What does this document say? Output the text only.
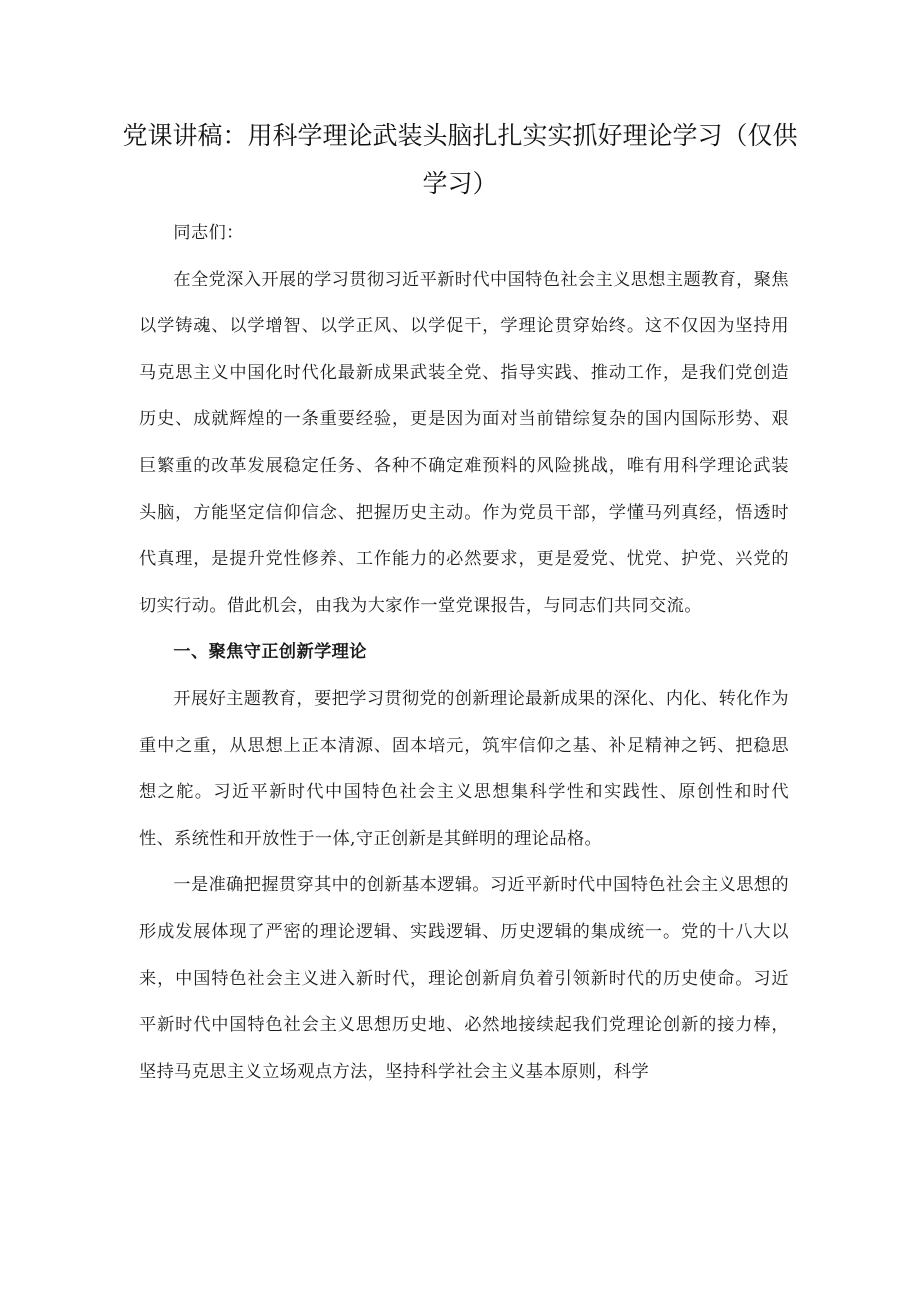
党课讲稿：用科学理论武装头脑扎扎实实抓好理论学习（仅供学习）

同志们：

在全党深入开展的学习贯彻习近平新时代中国特色社会主义思想主题教育，聚焦以学铸魂、以学增智、以学正风、以学促干，学理论贯穿始终。这不仅因为坚持用马克思主义中国化时代化最新成果武装全党、指导实践、推动工作，是我们党创造历史、成就辉煌的一条重要经验，更是因为面对当前错综复杂的国内国际形势、艰巨繁重的改革发展稳定任务、各种不确定难预料的风险挑战，唯有用科学理论武装头脑，方能坚定信仰信念、把握历史主动。作为党员干部，学懂马列真经，悟透时代真理，是提升党性修养、工作能力的必然要求，更是爱党、忧党、护党、兴党的切实行动。借此机会，由我为大家作一堂党课报告，与同志们共同交流。

一、聚焦守正创新学理论

开展好主题教育，要把学习贯彻党的创新理论最新成果的深化、内化、转化作为重中之重，从思想上正本清源、固本培元，筑牢信仰之基、补足精神之钙、把稳思想之舵。习近平新时代中国特色社会主义思想集科学性和实践性、原创性和时代性、系统性和开放性于一体,守正创新是其鲜明的理论品格。

一是准确把握贯穿其中的创新基本逻辑。习近平新时代中国特色社会主义思想的形成发展体现了严密的理论逻辑、实践逻辑、历史逻辑的集成统一。党的十八大以来，中国特色社会主义进入新时代，理论创新肩负着引领新时代的历史使命。习近平新时代中国特色社会主义思想历史地、必然地接续起我们党理论创新的接力棒，坚持马克思主义立场观点方法，坚持科学社会主义基本原则，科学
